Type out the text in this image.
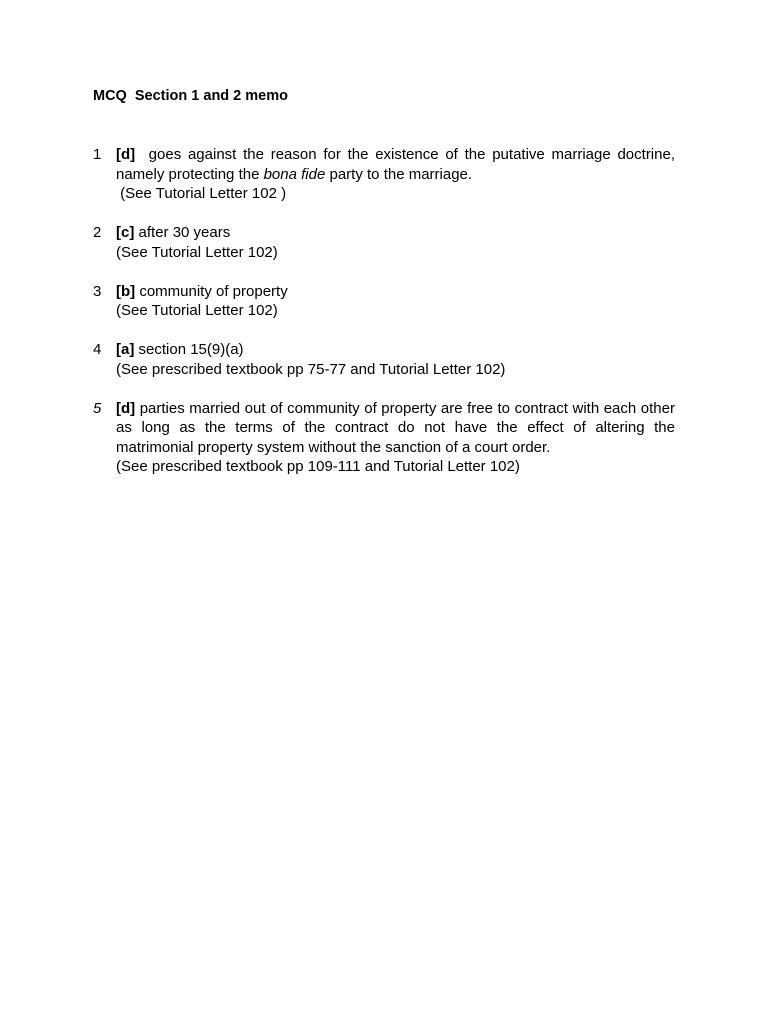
MCQ  Section 1 and 2 memo
1 [d]  goes against the reason for the existence of the putative marriage doctrine, namely protecting the bona fide party to the marriage.

(See Tutorial Letter 102 )

2 [c] after 30 years

(See Tutorial Letter 102)

3 [b] community of property

(See Tutorial Letter 102)

4 [a] section 15(9)(a)

(See prescribed textbook pp 75-77 and Tutorial Letter 102)

5 [d] parties married out of community of property are free to contract with each other as long as the terms of the contract do not have the effect of altering the matrimonial property system without the sanction of a court order.

(See prescribed textbook pp 109-111 and Tutorial Letter 102)
